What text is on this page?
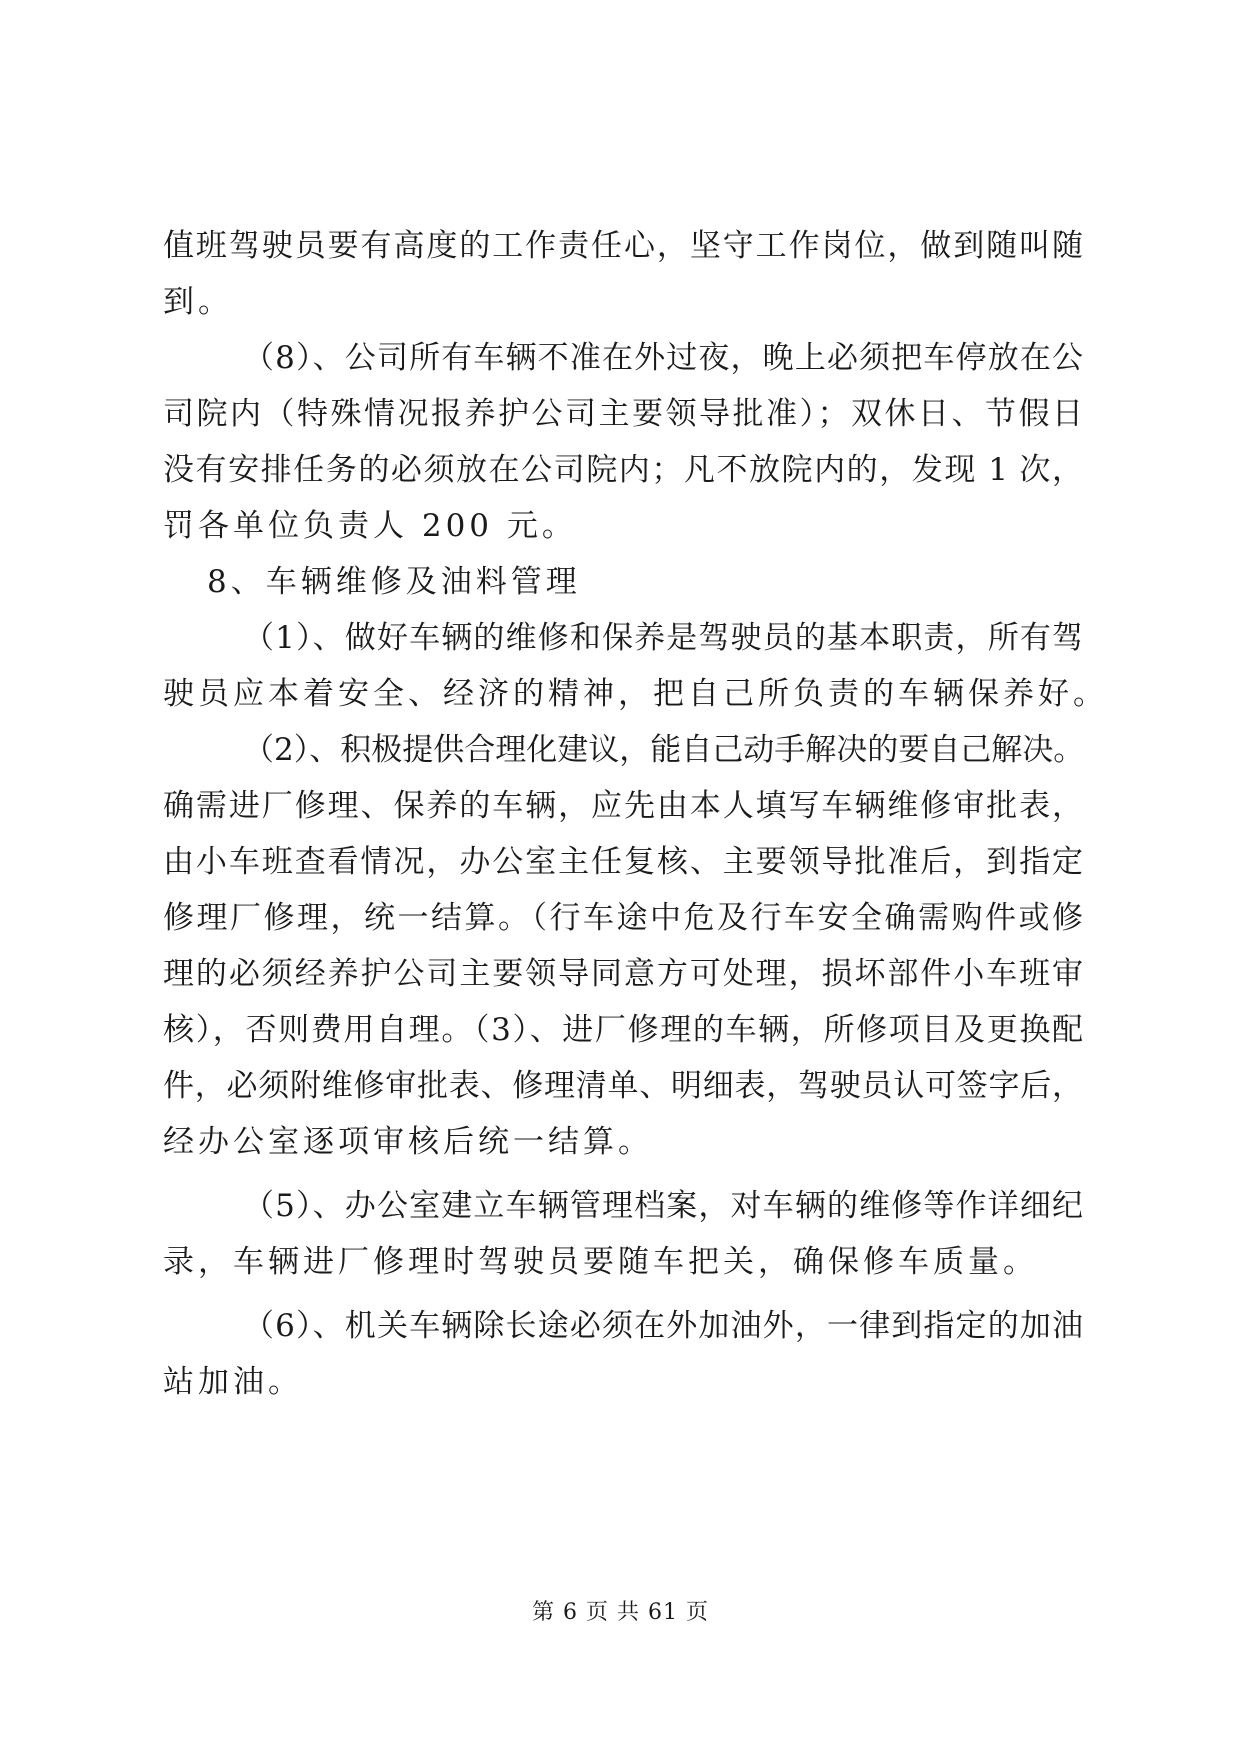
值班驾驶员要有高度的工作责任心，坚守工作岗位，做到随叫随
到。
（8）、公司所有车辆不准在外过夜，晚上必须把车停放在公
司院内（特殊情况报养护公司主要领导批准）；双休日、节假日
没有安排任务的必须放在公司院内；凡不放院内的，发现 1 次，
罚各单位负责人 200 元。
8、车辆维修及油料管理
（1）、做好车辆的维修和保养是驾驶员的基本职责，所有驾
驶员应本着安全、经济的精神，把自己所负责的车辆保养好。
（2）、积极提供合理化建议，能自己动手解决的要自己解决。
确需进厂修理、保养的车辆，应先由本人填写车辆维修审批表，
由小车班查看情况，办公室主任复核、主要领导批准后，到指定
修理厂修理，统一结算。（行车途中危及行车安全确需购件或修
理的必须经养护公司主要领导同意方可处理，损坏部件小车班审
核），否则费用自理。（3）、进厂修理的车辆，所修项目及更换配
件，必须附维修审批表、修理清单、明细表，驾驶员认可签字后，
经办公室逐项审核后统一结算。
（5）、办公室建立车辆管理档案，对车辆的维修等作详细纪
录，车辆进厂修理时驾驶员要随车把关，确保修车质量。
（6）、机关车辆除长途必须在外加油外，一律到指定的加油
站加油。
第 6 页 共 61 页
